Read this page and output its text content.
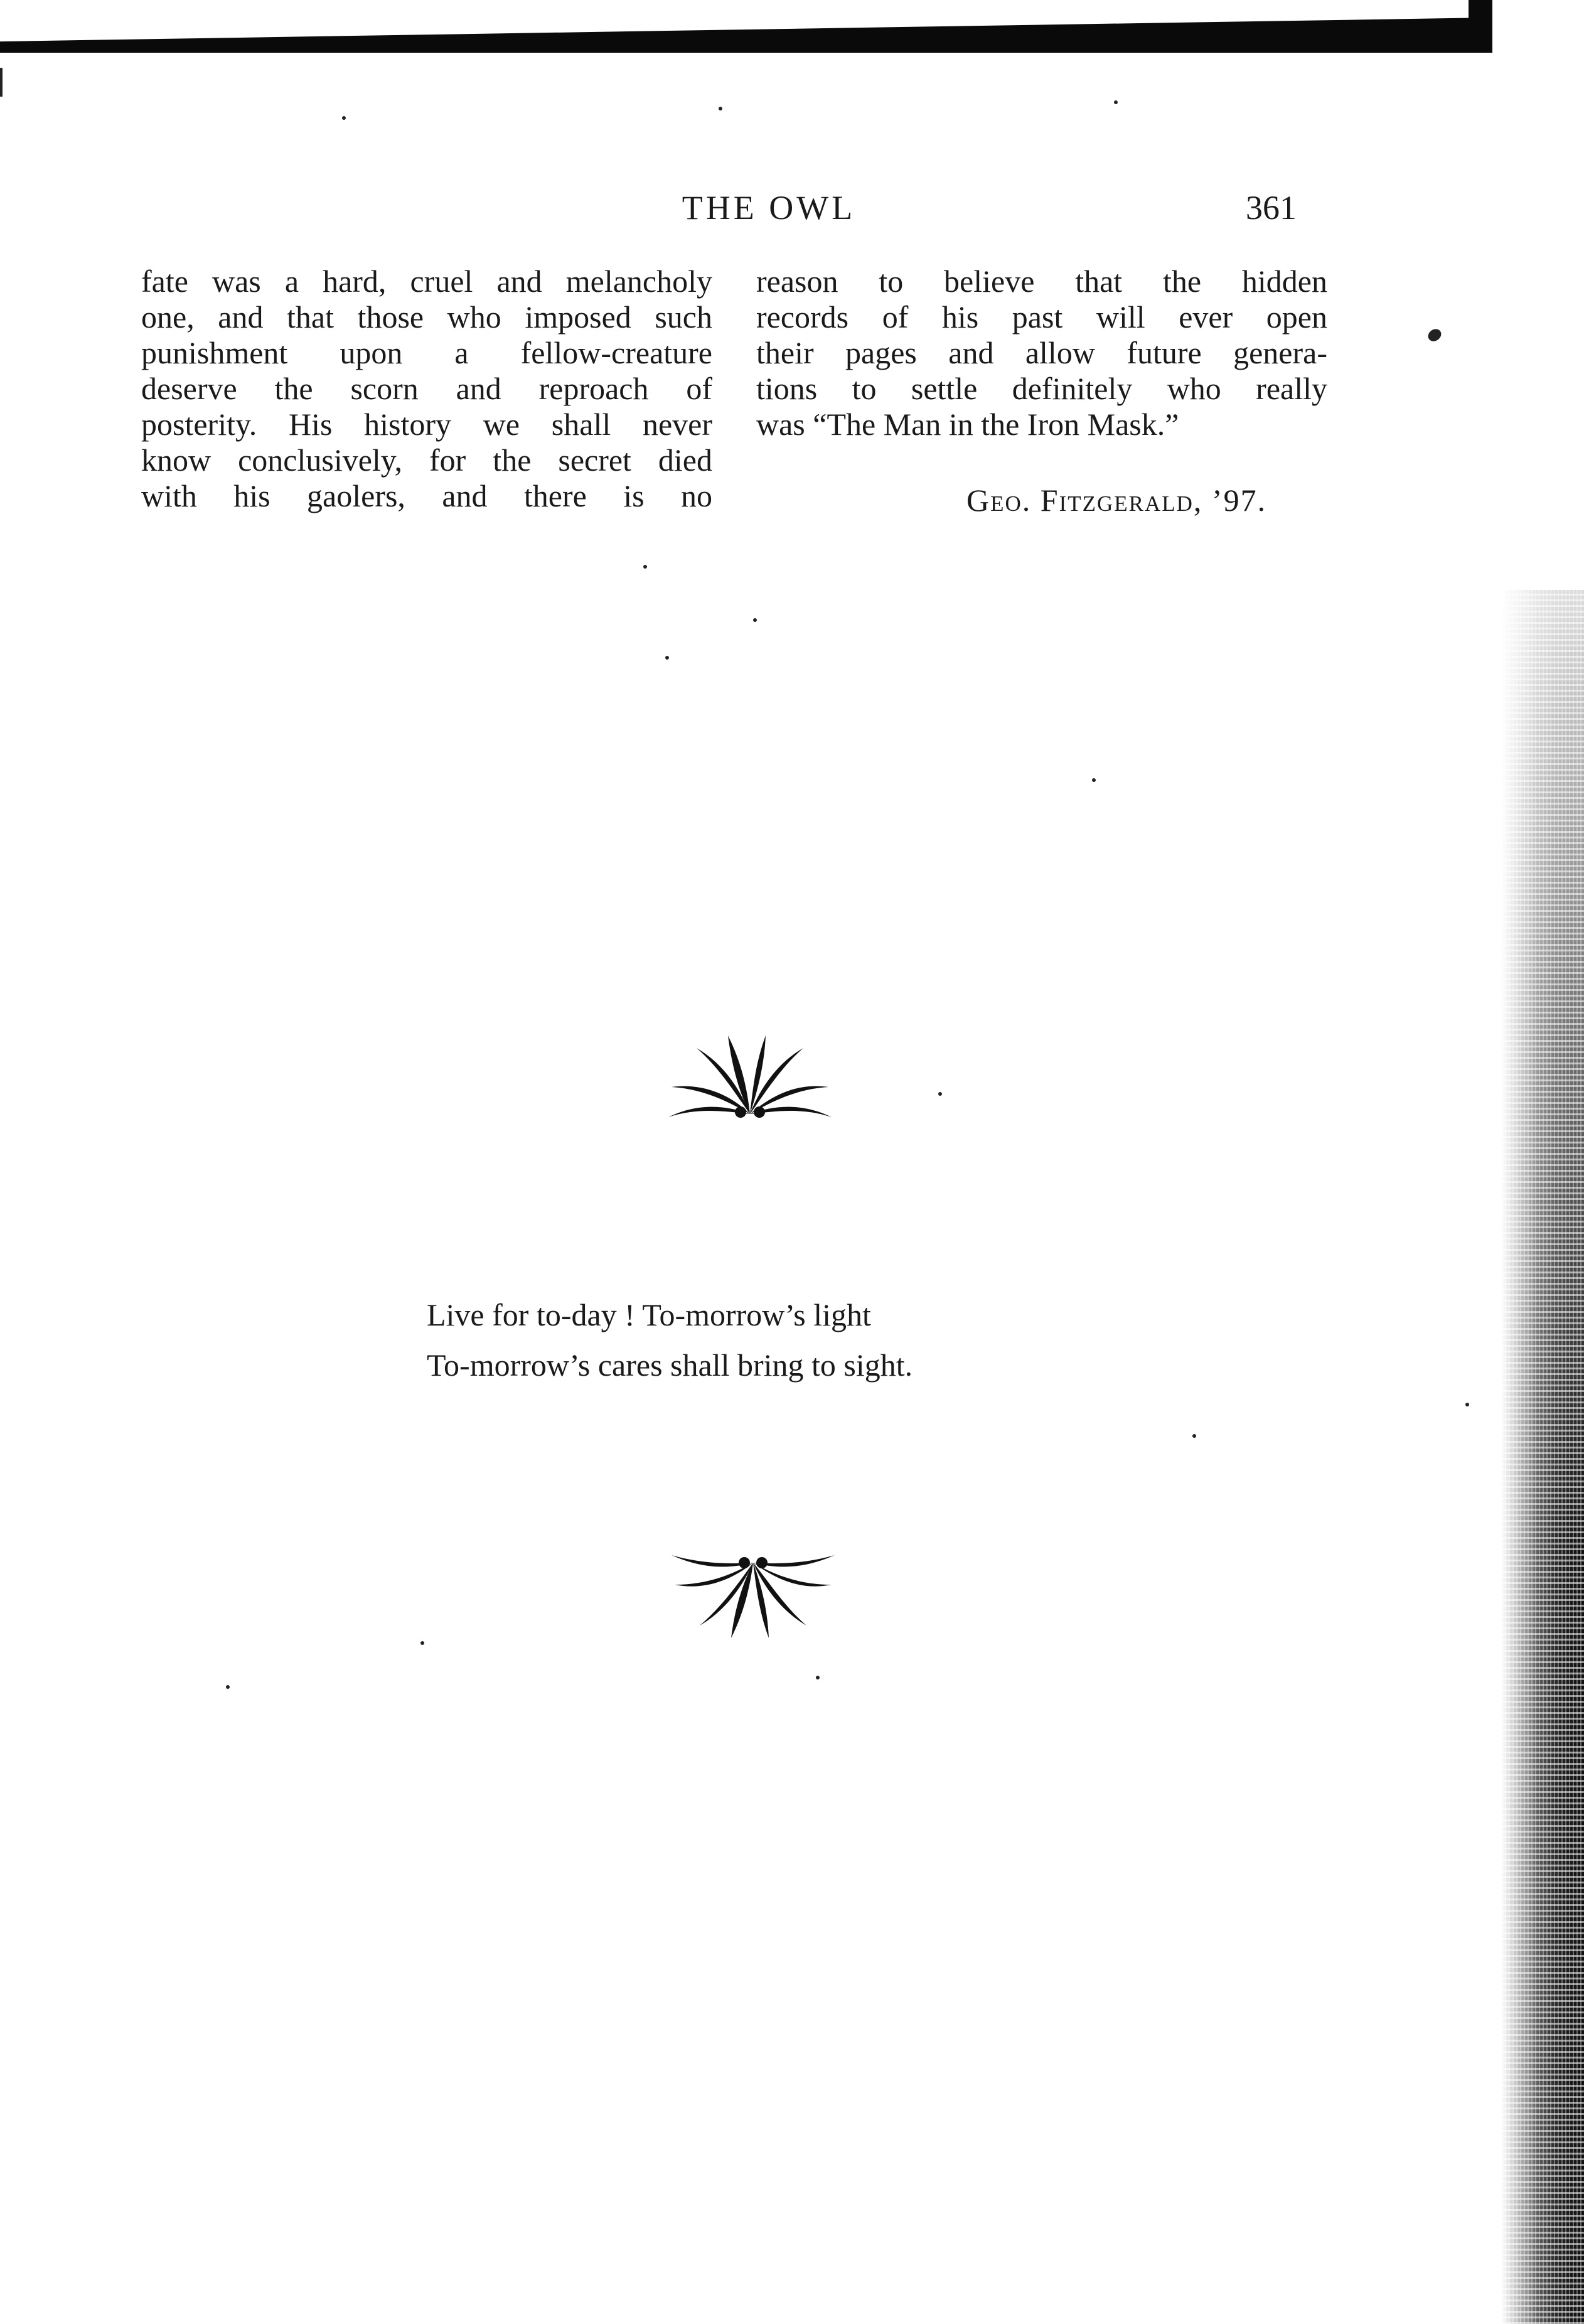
THE OWL	361

fate was a hard, cruel and melancholy

one, and that those who imposed such

punishment upon a fellow-creature

deserve the scorn and reproach of

posterity. His history we shall never

know conclusively, for the secret died

with his gaolers, and there is no

reason to believe that the hidden

records of his past will ever open

their pages and allow future genera-

tions to settle definitely who really

was “The Man in the Iron Mask.”

Geo. Fitzgerald, ’97.
Live for to-day ! To-morrow’s light
To-morrow’s cares shall bring to sight.
